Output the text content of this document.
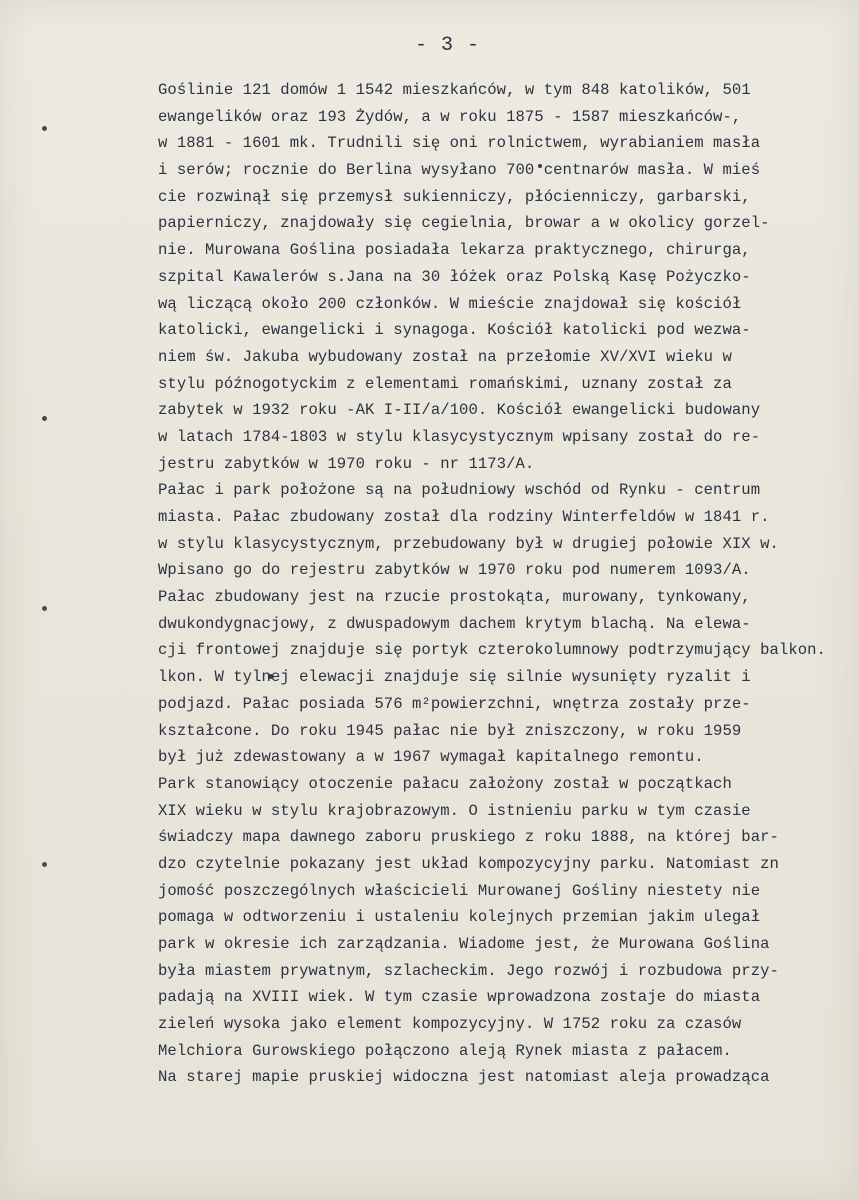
- 3 -
Goślinie 121 domów 1 1542 mieszkańców, w tym 848 katolików, 501
ewangelików oraz 193 Żydów, a w roku 1875 - 1587 mieszkańców-,
w 1881 - 1601 mk. Trudnili się oni rolnictwem, wyrabianiem masła
i serów; rocznie do Berlina wysyłano 700 centnarów masła. W mieś
cie rozwinął się przemysł sukienniczy, płócienniczy, garbarski,
papierniczy, znajdowały się cegielnia, browar a w okolicy gorzel-
nie. Murowana Goślina posiadała lekarza praktycznego, chirurga,
szpital Kawalerów s.Jana na 30 łóżek oraz Polską Kasę Pożyczko-
wą liczącą około 200 członków. W mieście znajdował się kościół
katolicki, ewangelicki i synagoga. Kościół katolicki pod wezwa-
niem św. Jakuba wybudowany został na przełomie XV/XVI wieku w
stylu późnogotyckim z elementami romańskimi, uznany został za
zabytek w 1932 roku -AK I-II/a/100. Kościół ewangelicki budowany
w latach 1784-1803 w stylu klasycystycznym wpisany został do re-
jestru zabytków w 1970 roku - nr 1173/A.
Pałac i park położone są na południowy wschód od Rynku - centrum
miasta. Pałac zbudowany został dla rodziny Winterfeldów w 1841 r.
w stylu klasycystycznym, przebudowany był w drugiej połowie XIX w.
Wpisano go do rejestru zabytków w 1970 roku pod numerem 1093/A.
Pałac zbudowany jest na rzucie prostokąta, murowany, tynkowany,
dwukondygnacjowy, z dwuspadowym dachem krytym blachą. Na elewa-
cji frontowej znajduje się portyk czterokolumnowy podtrzymujący balkon.
lkon. W tylnej elewacji znajduje się silnie wysunięty ryzalit i
podjazd. Pałac posiada 576 m²powierzchni, wnętrza zostały prze-
kształcone. Do roku 1945 pałac nie był zniszczony, w roku 1959
był już zdewastowany a w 1967 wymagał kapitalnego remontu.
Park stanowiący otoczenie pałacu założony został w początkach
XIX wieku w stylu krajobrazowym. O istnieniu parku w tym czasie
świadczy mapa dawnego zaboru pruskiego z roku 1888, na której bar-
dzo czytelnie pokazany jest układ kompozycyjny parku. Natomiast zn
jomość poszczególnych właścicieli Murowanej Gośliny niestety nie
pomaga w odtworzeniu i ustaleniu kolejnych przemian jakim ulegał
park w okresie ich zarządzania. Wiadome jest, że Murowana Goślina
była miastem prywatnym, szlacheckim. Jego rozwój i rozbudowa przy-
padają na XVIII wiek. W tym czasie wprowadzona zostaje do miasta
zieleń wysoka jako element kompozycyjny. W 1752 roku za czasów
Melchiora Gurowskiego połączono aleją Rynek miasta z pałacem.
Na starej mapie pruskiej widoczna jest natomiast aleja prowadząca
